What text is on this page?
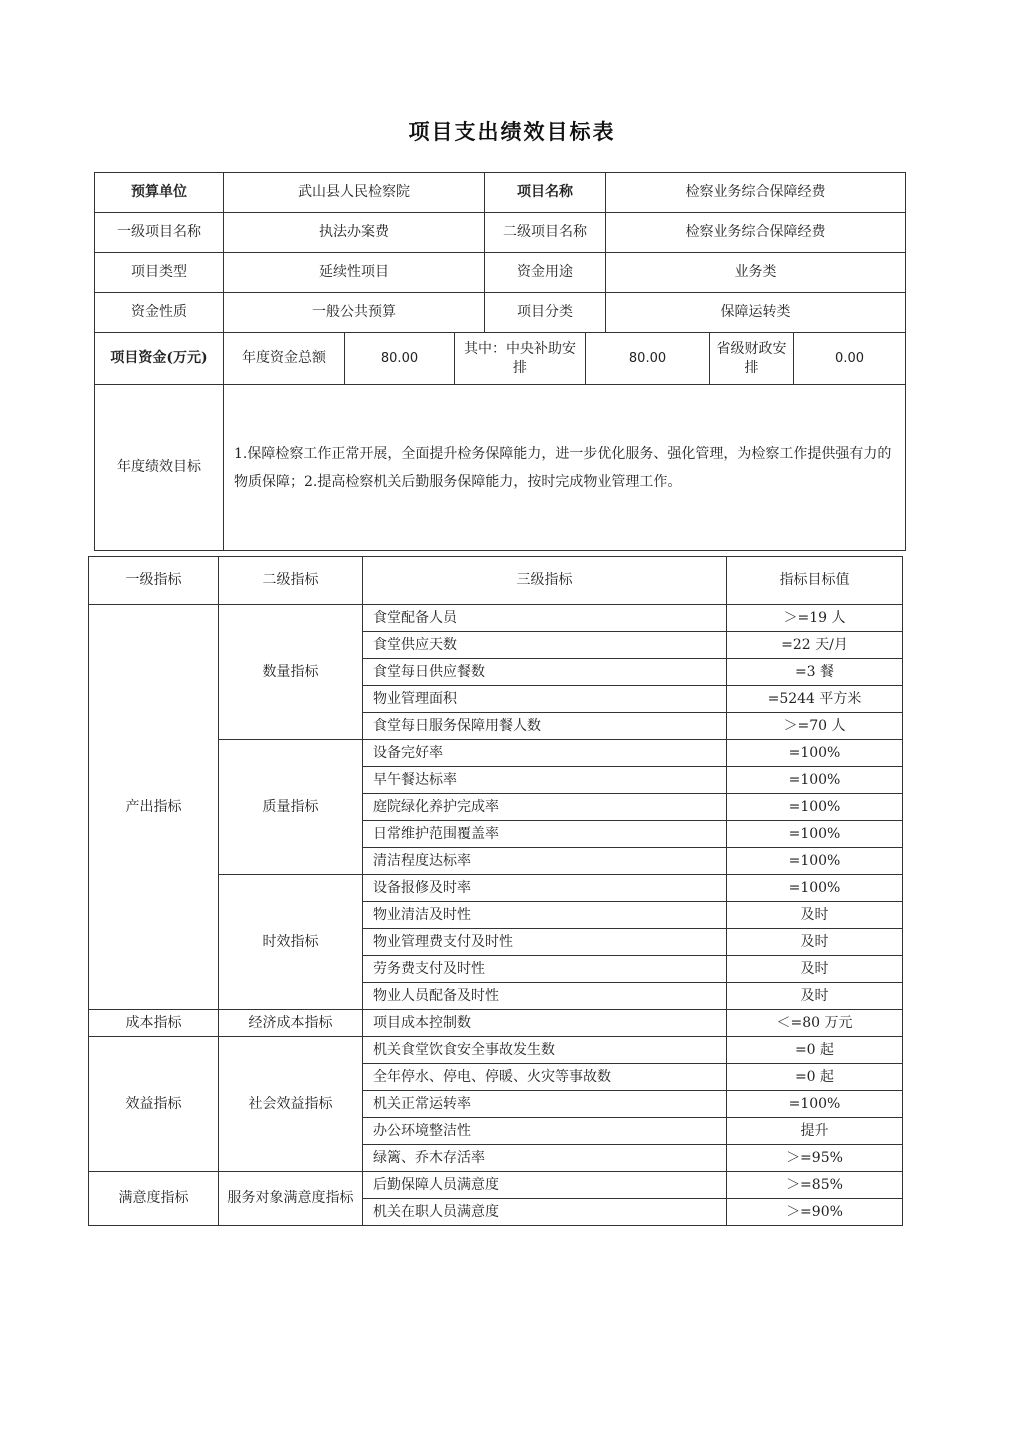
项目支出绩效目标表
预算单位	武山县人民检察院			项目名称		检察业务综合保障经费		
一级项目名称	执法办案费			二级项目名称		检察业务综合保障经费		
项目类型	延续性项目			资金用途		业务类		
资金性质	一般公共预算			项目分类		保障运转类		
项目资金(万元)	年度资金总额	80.00	其中：中央补助安排		80.00		省级财政安排	0.00
年度绩效目标	1.保障检察工作正常开展，全面提升检务保障能力，进一步优化服务、强化管理，为检察工作提供强有力的物质保障；2.提高检察机关后勤服务保障能力，按时完成物业管理工作。							
一级指标	二级指标	三级指标	指标目标值
产出指标	数量指标	食堂配备人员	＞=19 人
		食堂供应天数	=22 天/月
		食堂每日供应餐数	=3 餐
		物业管理面积	=5244 平方米
		食堂每日服务保障用餐人数	＞=70 人
	质量指标	设备完好率	=100%
		早午餐达标率	=100%
		庭院绿化养护完成率	=100%
		日常维护范围覆盖率	=100%
		清洁程度达标率	=100%
	时效指标	设备报修及时率	=100%
		物业清洁及时性	及时
		物业管理费支付及时性	及时
		劳务费支付及时性	及时
		物业人员配备及时性	及时
成本指标	经济成本指标	项目成本控制数	＜=80 万元
效益指标	社会效益指标	机关食堂饮食安全事故发生数	=0 起
		全年停水、停电、停暖、火灾等事故数	=0 起
		机关正常运转率	=100%
		办公环境整洁性	提升
		绿篱、乔木存活率	＞=95%
满意度指标	服务对象满意度指标	后勤保障人员满意度	＞=85%
		机关在职人员满意度	＞=90%
